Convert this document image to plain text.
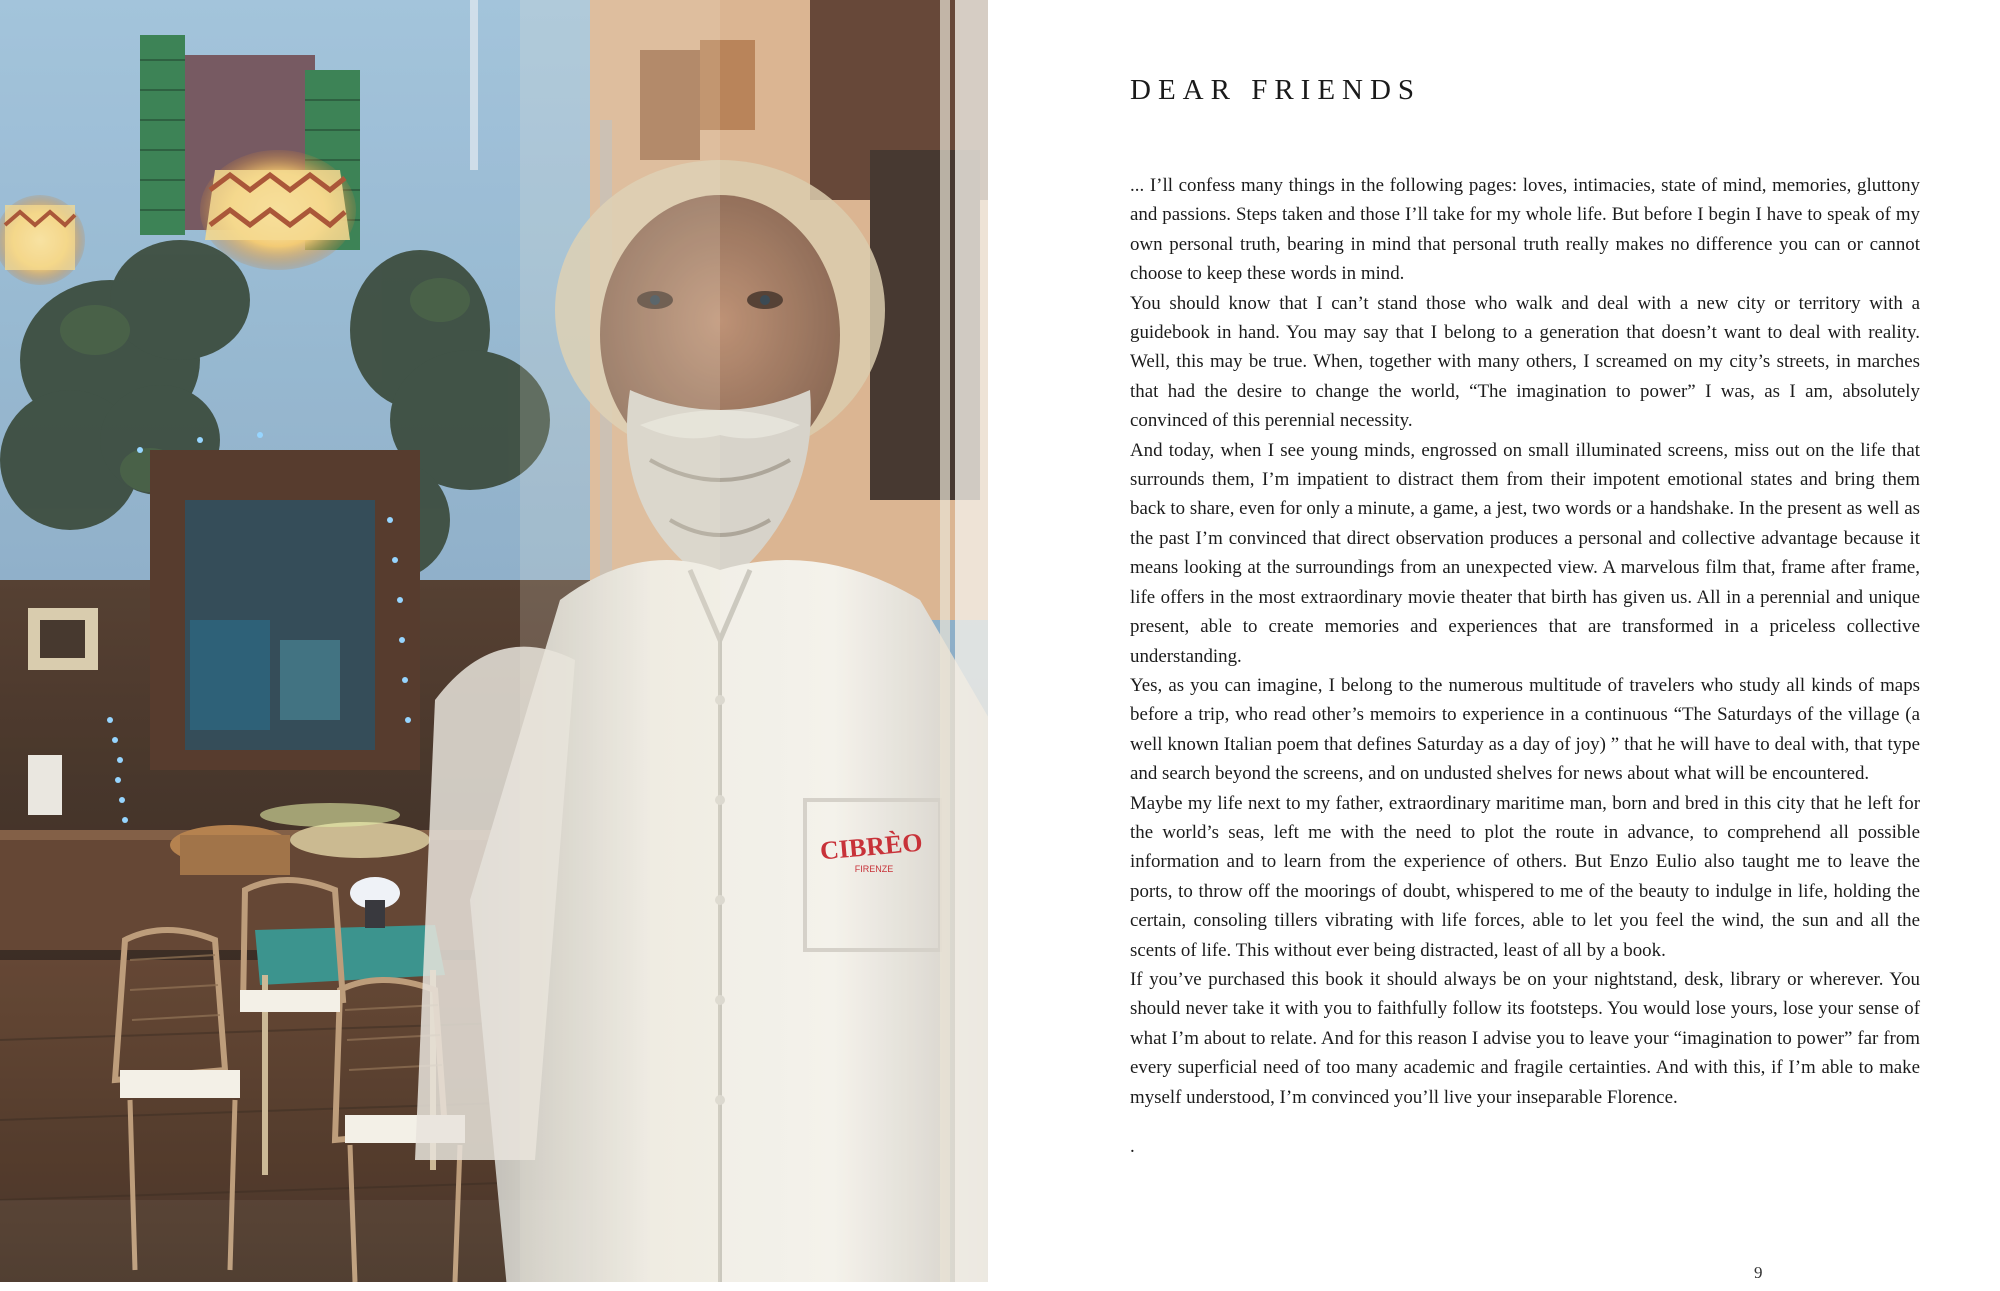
CIBRÈO
FIRENZE
DEAR FRIENDS

... I’ll confess many things in the following pages: loves, intimacies, state of mind, memories, gluttony and passions. Steps taken and those I’ll take for my whole life. But before I begin I have to speak of my own personal truth, bearing in mind that personal truth really makes no difference you can or cannot choose to keep these words in mind.

You should know that I can’t stand those who walk and deal with a new city or territory with a guidebook in hand. You may say that I belong to a generation that doesn’t want to deal with reality. Well, this may be true. When, together with many others, I screamed on my city’s streets, in marches that had the desire to change the world, “The imagination to power” I was, as I am, absolutely convinced of this perennial necessity.

And today, when I see young minds, engrossed on small illuminated screens, miss out on the life that surrounds them, I’m impatient to distract them from their impotent emotional states and bring them back to share, even for only a minute, a game, a jest, two words or a handshake. In the present as well as the past I’m convinced that direct observation produces a personal and collective advantage because it means looking at the surroundings from an unexpected view. A marvelous film that, frame after frame, life offers in the most extraordinary movie theater that birth has given us. All in a perennial and unique present, able to create memories and experiences that are transformed in a priceless collective understanding.

Yes, as you can imagine, I belong to the numerous multitude of travelers who study all kinds of maps before a trip, who read other’s memoirs to experience in a continuous “The Saturdays of the village (a well known Italian poem that defines Saturday as a day of joy) ” that he will have to deal with, that type and search beyond the screens, and on undusted shelves for news about what will be encountered.

Maybe my life next to my father, extraordinary maritime man, born and bred in this city that he left for the world’s seas, left me with the need to plot the route in advance, to comprehend all possible information and to learn from the experience of others. But Enzo Eulio also taught me to leave the ports, to throw off the moorings of doubt, whispered to me of the beauty to indulge in life, holding the certain, consoling tillers vibrating with life forces, able to let you feel the wind, the sun and all the scents of life. This without ever being distracted, least of all by a book.

If you’ve purchased this book it should always be on your nightstand, desk, library or wherever. You should never take it with you to faithfully follow its footsteps. You would lose yours, lose your sense of what I’m about to relate. And for this reason I advise you to leave your “imagination to power” far from every superficial need of too many academic and fragile certainties. And with this, if I’m able to make myself understood, I’m convinced you’ll live your inseparable Florence.

.
9
